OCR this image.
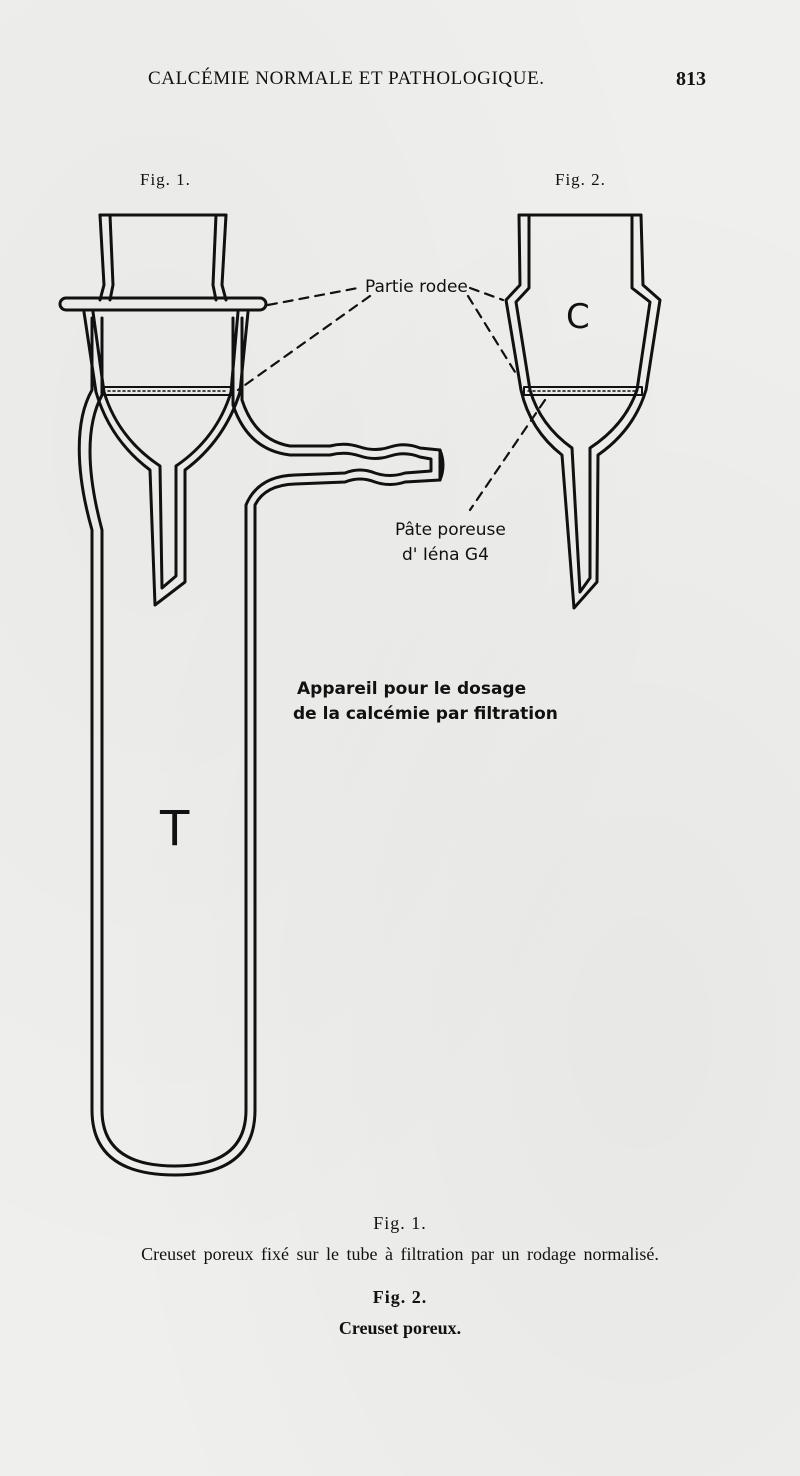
CALCÉMIE NORMALE ET PATHOLOGIQUE.	813
Fig. 1.	Fig. 2.
Partie rodee
Pâte poreuse
d' Iéna G4
Appareil pour le dosage
de la calcémie par filtration
T
C
Fig. 1.
Creuset poreux fixé sur le tube à filtration par un rodage normalisé.
Fig. 2.
Creuset poreux.
